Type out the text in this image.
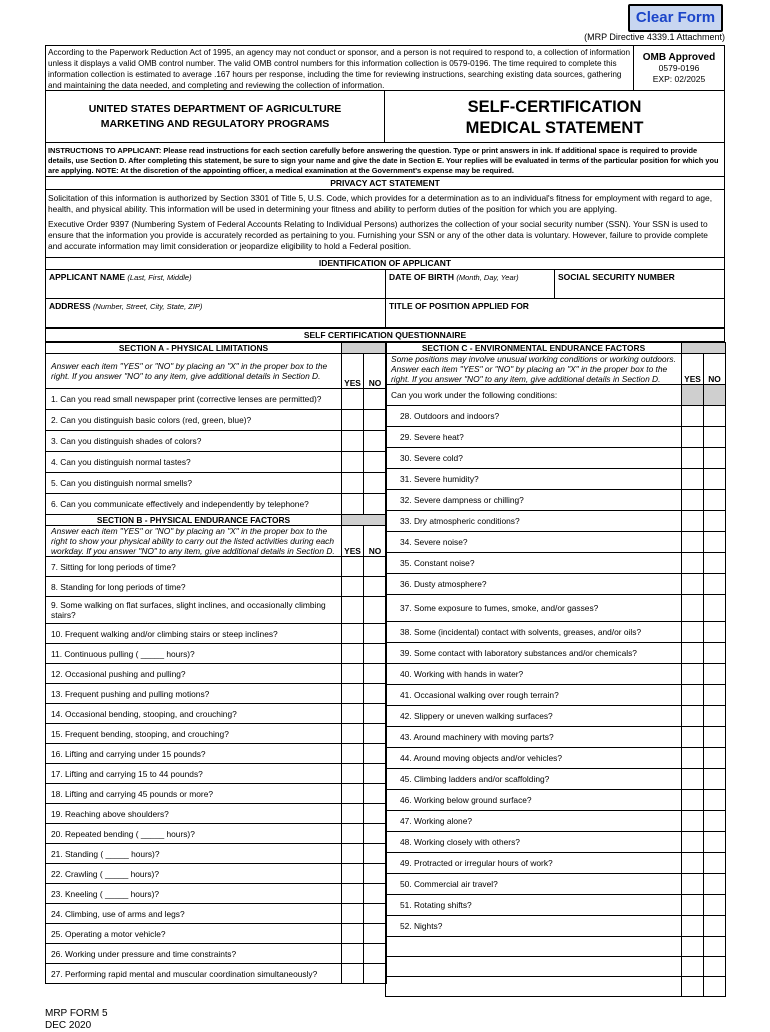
Clear Form
(MRP Directive 4339.1 Attachment)
According to the Paperwork Reduction Act of 1995, an agency may not conduct or sponsor, and a person is not required to respond to, a collection of information unless it displays a valid OMB control number. The valid OMB control numbers for this information collection is 0579-0196. The time required to complete this information collection is estimated to average .167 hours per response, including the time for reviewing instructions, searching existing data sources, gathering and maintaining the data needed, and completing and reviewing the collection of information.
OMB Approved
0579-0196
EXP: 02/2025
UNITED STATES DEPARTMENT OF AGRICULTURE
MARKETING AND REGULATORY PROGRAMS
SELF-CERTIFICATION
MEDICAL STATEMENT
INSTRUCTIONS TO APPLICANT: Please read instructions for each section carefully before answering the question. Type or print answers in ink. If additional space is required to provide details, use Section D. After completing this statement, be sure to sign your name and give the date in Section E. Your replies will be evaluated in terms of the particular position for which you are applying. NOTE: At the discretion of the appointing officer, a medical examination at the Government's expense may be required.
PRIVACY ACT STATEMENT

Solicitation of this information is authorized by Section 3301 of Title 5, U.S. Code, which provides for a determination as to an individual's fitness for employment with regard to age, health, and physical ability. This information will be used in determining your fitness and ability to perform duties of the position for which you are applying.

Executive Order 9397 (Numbering System of Federal Accounts Relating to Individual Persons) authorizes the collection of your social security number (SSN). Your SSN is used to ensure that the information you provide is accurately recorded as pertaining to you. Furnishing your SSN or any of the other data is voluntary. However, failure to provide complete and accurate information may limit consideration or jeopardize eligibility to hold a Federal position.

IDENTIFICATION OF APPLICANT
APPLICANT NAME (Last, First, Middle)	DATE OF BIRTH (Month, Day, Year)	SOCIAL SECURITY NUMBER
ADDRESS (Number, Street, City, State, ZIP)	TITLE OF POSITION APPLIED FOR
SELF CERTIFICATION QUESTIONNAIRE
SECTION A - PHYSICAL LIMITATIONS		
Answer each item "YES" or "NO" by placing an "X" in the proper box to the right. If you answer "NO" to any item, give additional details in Section D.	YES	NO
1. Can you read small newspaper print (corrective lenses are permitted)?		
2. Can you distinguish basic colors (red, green, blue)?		
3. Can you distinguish shades of colors?		
4. Can you distinguish normal tastes?		
5. Can you distinguish normal smells?		
6. Can you communicate effectively and independently by telephone?		
SECTION B - PHYSICAL ENDURANCE FACTORS		
Answer each item "YES" or "NO" by placing an "X" in the proper box to the right to show your physical ability to carry out the listed activities during each workday. If you answer "NO" to any item, give additional details in Section D.	YES	NO
7. Sitting for long periods of time?		
8. Standing for long periods of time?		
9. Some walking on flat surfaces, slight inclines, and occasionally climbing stairs?		
10. Frequent walking and/or climbing stairs or steep inclines?		
11. Continuous pulling ( _____ hours)?		
12. Occasional pushing and pulling?		
13. Frequent pushing and pulling motions?		
14. Occasional bending, stooping, and crouching?		
15. Frequent bending, stooping, and crouching?		
16. Lifting and carrying under 15 pounds?		
17. Lifting and carrying 15 to 44 pounds?		
18. Lifting and carrying 45 pounds or more?		
19. Reaching above shoulders?		
20. Repeated bending ( _____ hours)?		
21. Standing ( _____ hours)?		
22. Crawling ( _____ hours)?		
23. Kneeling ( _____ hours)?		
24. Climbing, use of arms and legs?		
25. Operating a motor vehicle?		
26. Working under pressure and time constraints?		
27. Performing rapid mental and muscular coordination simultaneously?		
SECTION C - ENVIRONMENTAL ENDURANCE FACTORS		
Some positions may involve unusual working conditions or working outdoors. Answer each item "YES" or "NO" by placing an "X" in the proper box to the right. If you answer "NO" to any item, give additional details in Section D.	YES	NO
Can you work under the following conditions:		
28. Outdoors and indoors?		
29. Severe heat?		
30. Severe cold?		
31. Severe humidity?		
32. Severe dampness or chilling?		
33. Dry atmospheric conditions?		
34. Severe noise?		
35. Constant noise?		
36. Dusty atmosphere?		
37. Some exposure to fumes, smoke, and/or gasses?		
38. Some (incidental) contact with solvents, greases, and/or oils?		
39. Some contact with laboratory substances and/or chemicals?		
40. Working with hands in water?		
41. Occasional walking over rough terrain?		
42. Slippery or uneven walking surfaces?		
43. Around machinery with moving parts?		
44. Around moving objects and/or vehicles?		
45. Climbing ladders and/or scaffolding?		
46. Working below ground surface?		
47. Working alone?		
48. Working closely with others?		
49. Protracted or irregular hours of work?		
50. Commercial air travel?		
51. Rotating shifts?		
52. Nights?		

MRP FORM 5
DEC 2020
